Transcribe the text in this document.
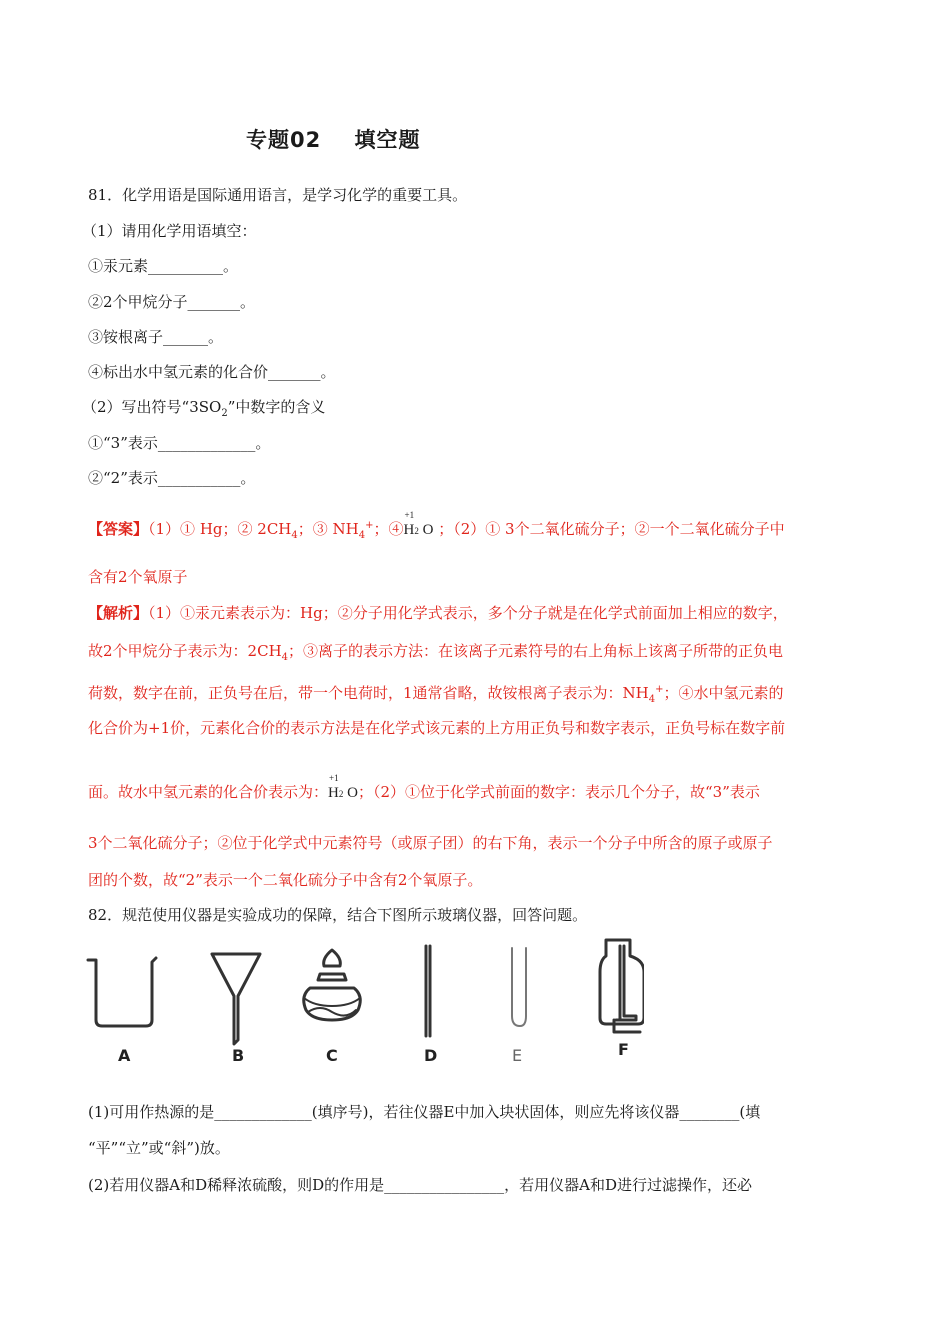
专题02    填空题
81．化学用语是国际通用语言，是学习化学的重要工具。
（1）请用化学用语填空：
①汞元素__________。
②2个甲烷分子_______。
③铵根离子______。
④标出水中氢元素的化合价_______。
（2）写出符号“$3SO_2$”中数字的含义
①“3”表示_____________。
②“2”表示___________。
【答案】（1）① Hg；② $2CH_4$；③ $NH_4^+$；④
+1
H2 O ；（2）① 3个二氧化硫分子；②一个二氧化硫分子中
含有2个氧原子
【解析】（1）①汞元素表示为：Hg；②分子用化学式表示，多个分子就是在化学式前面加上相应的数字，
故2个甲烷分子表示为：$2CH_4$；③离子的表示方法：在该离子元素符号的右上角标上该离子所带的正负电
荷数，数字在前，正负号在后，带一个电荷时，1通常省略，故铵根离子表示为：$NH_4^+$；④水中氢元素的
化合价为+1价，元素化合价的表示方法是在化学式该元素的上方用正负号和数字表示，正负号标在数字前
面。故水中氢元素的化合价表示为：
+1
H2 O；（2）①位于化学式前面的数字：表示几个分子，故“3”表示
3个二氧化硫分子；②位于化学式中元素符号（或原子团）的右下角，表示一个分子中所含的原子或原子
团的个数，故“2”表示一个二氧化硫分子中含有2个氧原子。
82．规范使用仪器是实验成功的保障，结合下图所示玻璃仪器，回答问题。
A	B	C	D	E	F
(1)可用作热源的是_____________(填序号)，若往仪器E中加入块状固体，则应先将该仪器________(填
“平”“立”或“斜”)放。
(2)若用仪器A和D稀释浓硫酸，则D的作用是________________，若用仪器A和D进行过滤操作，还必
